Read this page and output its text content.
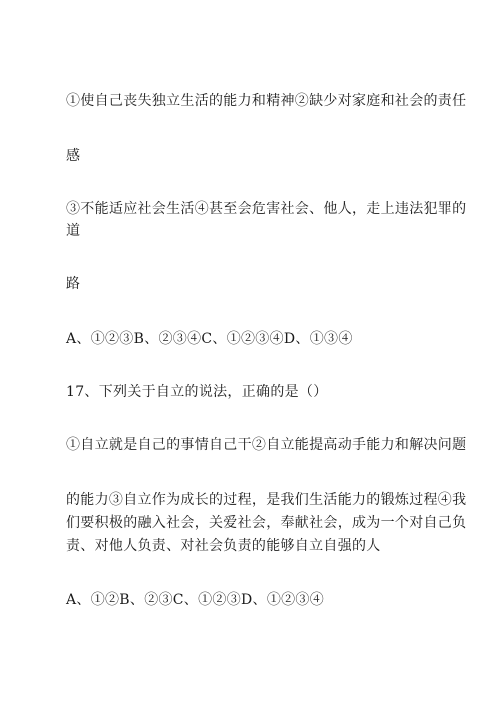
①使自己丧失独立生活的能力和精神②缺少对家庭和社会的责任
感
③不能适应社会生活④甚至会危害社会、他人，走上违法犯罪的
道
路
A、①②③B、②③④C、①②③④D、①③④
17、下列关于自立的说法，正确的是（）
①自立就是自己的事情自己干②自立能提高动手能力和解决问题
的能力③自立作为成长的过程，是我们生活能力的锻炼过程④我
们要积极的融入社会，关爱社会，奉献社会，成为一个对自己负
责、对他人负责、对社会负责的能够自立自强的人
A、①②B、②③C、①②③D、①②③④
